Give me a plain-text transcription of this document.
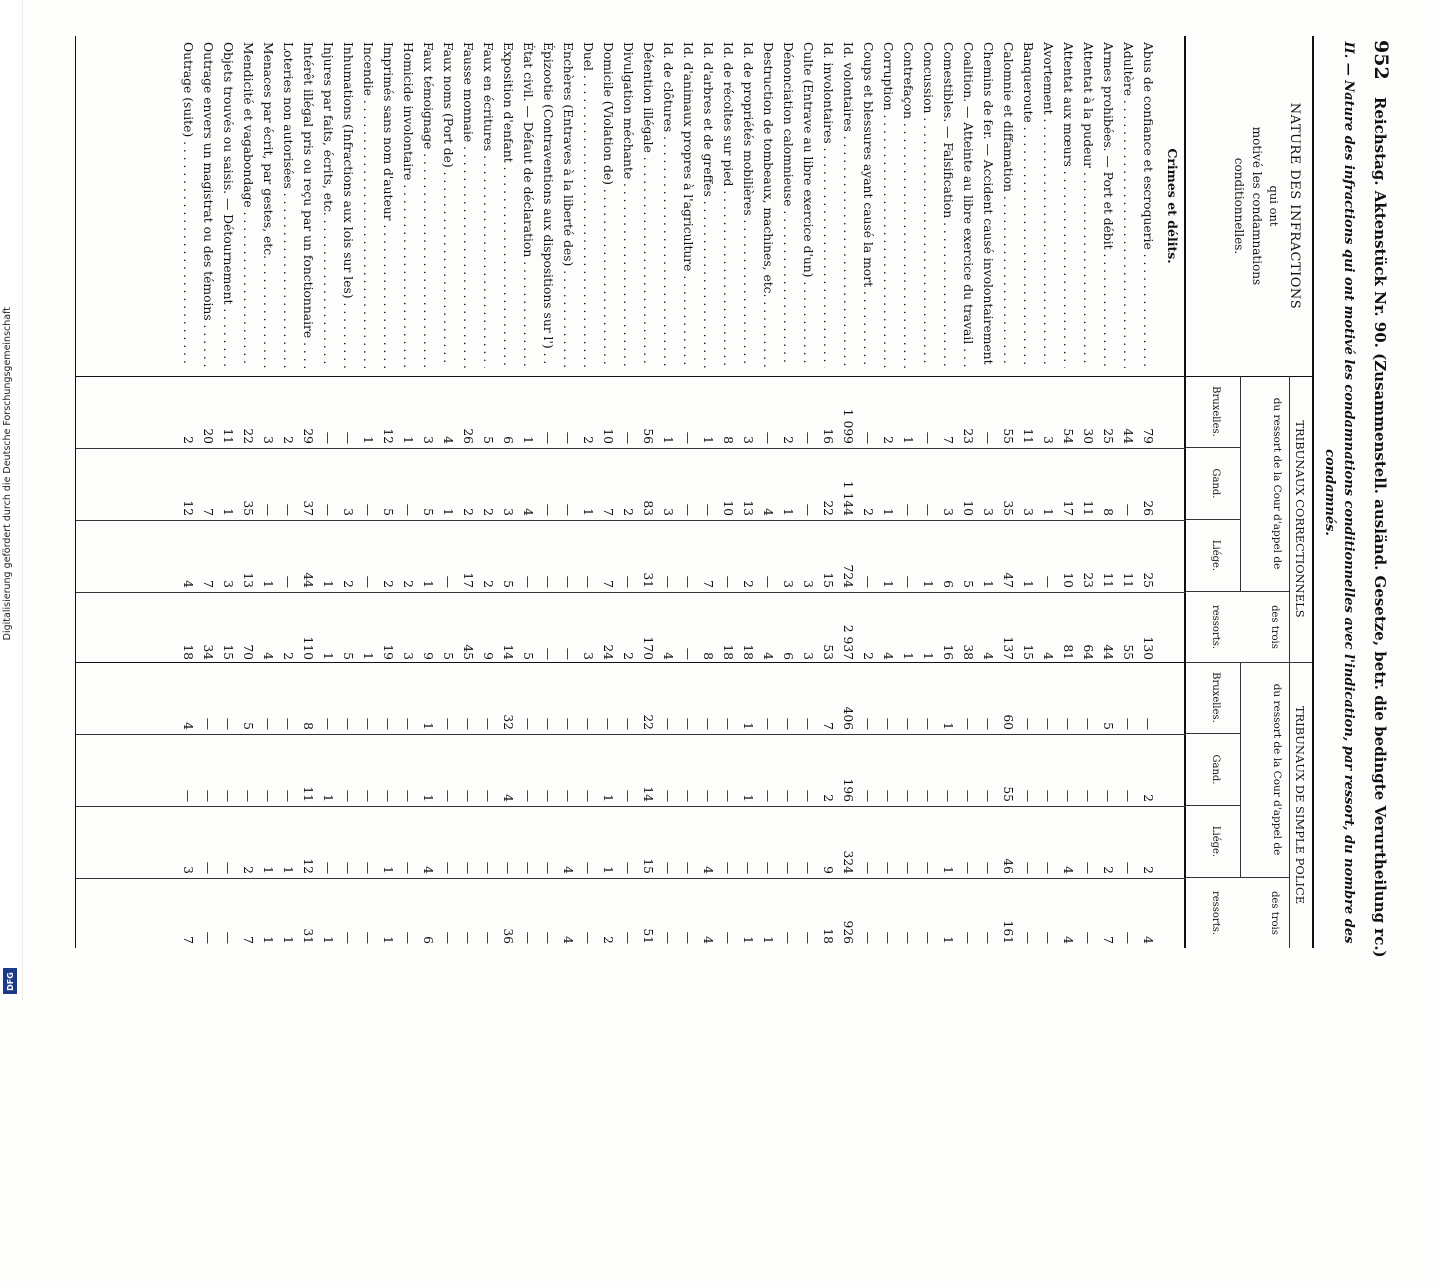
Digitalisierung gefördert durch die Deutsche Forschungsgemeinschaft
DFG
952 Reichstag. Aktenstück Nr. 90. (Zusammenstell. ausländ. Gesetze, betr. die bedingte Verurtheilung rc.)
II. — Nature des infractions qui ont motivé les condamnations conditionnelles avec l'indication, par ressort, du nombre des condamnés.
NATURE DES INFRACTIONS
qui ont
motivé les condamnations
conditionnelles.
TRIBUNAUX CORRECTIONNELS
du ressort de la Cour d'appel de
Bruxelles.
Gand.
Liége.
des trois
ressorts.
TRIBUNAUX DE SIMPLE POLICE
du ressort de la Cour d'appel de
Bruxelles.
Gand.
Liége.
des trois
ressorts.
Crimes et délits.
Abus de confiance et escroquerie . . .
79
26
25
130
—
2
2
4
Adultère . . .
44
—
11
55
—
—
—
—
Armes prohibées. — Port et débit . . .
25
8
11
44
5
—
2
7
Attentat à la pudeur . . .
30
11
23
64
—
—
—
—
Attentat aux mœurs . . .
54
17
10
81
—
—
4
4
Avortement . . .
3
1
—
4
—
—
—
—
Banqueroute . . .
11
3
1
15
—
—
—
—
Calomnie et diffamation . . .
55
35
47
137
60
55
46
161
Chemins de fer. — Accident causé involontairement . . .
—
3
1
4
—
—
—
—
Coalition. — Atteinte au libre exercice du travail . . .
23
10
5
38
—
—
—
—
Comestibles. — Falsification . . .
7
3
6
16
1
—
1
1
Concussion . . .
—
—
1
1
—
—
—
—
Contrefaçon . . .
1
—
—
1
—
—
—
—
Corruption . . .
2
1
1
4
—
—
—
—
Coups et blessures ayant causé la mort . . .
—
2
—
2
—
—
—
—
Id. volontaires . . .
1 099
1 144
724
2 937
406
196
324
926
Id. involontaires . . .
16
22
15
53
7
2
9
18
Culte (Entrave au libre exercice d'un) . . .
—
—
3
3
—
—
—
—
Dénonciation calomnieuse . . .
2
1
3
6
—
—
—
—
Destruction de tombeaux, machines, etc. . . .
—
4
—
4
—
—
—
1
Id. de propriétés mobilières . . .
3
13
2
18
1
1
—
1
Id. de récoltes sur pied . . .
8
10
—
18
—
—
—
—
Id. d'arbres et de greffes . . .
1
—
7
8
—
—
4
4
Id. d'animaux propres à l'agriculture . . .
—
—
—
—
—
—
—
—
Id. de clôtures . . .
1
3
—
4
—
—
—
—
Détention illégale . . .
56
83
31
170
22
14
15
51
Divulgation méchante . . .
—
2
—
2
—
—
—
—
Domicile (Violation de) . . .
10
7
7
24
—
1
1
2
Duel . . .
2
1
—
3
—
—
—
—
Enchères (Entraves à la liberté des) . . .
—
—
—
—
—
—
4
4
Épizootie (Contraventions aux dispositions sur l') . . .
—
—
—
—
—
—
—
—
État civil. — Défaut de déclaration . . .
1
4
—
5
—
—
—
—
Exposition d'enfant . . .
6
3
5
14
32
4
—
36
Faux en écritures . . .
5
2
2
9
—
—
—
—
Fausse monnaie . . .
26
2
17
45
—
—
—
—
Faux noms (Port de) . . .
4
1
—
5
—
—
—
—
Faux témoignage . . .
3
5
1
9
1
1
4
6
Homicide involontaire . . .
1
—
2
3
—
—
—
—
Imprimés sans nom d'auteur . . .
12
5
2
19
—
—
1
1
Incendie . . .
1
—
—
1
—
—
—
—
Inhumations (Infractions aux lois sur les) . . .
—
3
2
5
—
—
—
—
Injures par faits, écrits, etc. . . .
—
—
1
1
—
1
—
1
Intérêt illégal pris ou reçu par un fonctionnaire . . .
29
37
44
110
8
11
12
31
Loteries non autorisées . . .
2
—
—
2
—
—
1
1
Menaces par écrit, par gestes, etc. . . .
3
—
1
4
—
—
1
1
Mendicité et vagabondage . . .
22
35
13
70
5
—
2
7
Objets trouvés ou saisis. — Détournement . . .
11
1
3
15
—
—
—
—
Outrage envers un magistrat ou des témoins . . .
20
7
7
34
—
—
—
—
Outrage (suite) . . .
2
12
4
18
4
—
3
7
